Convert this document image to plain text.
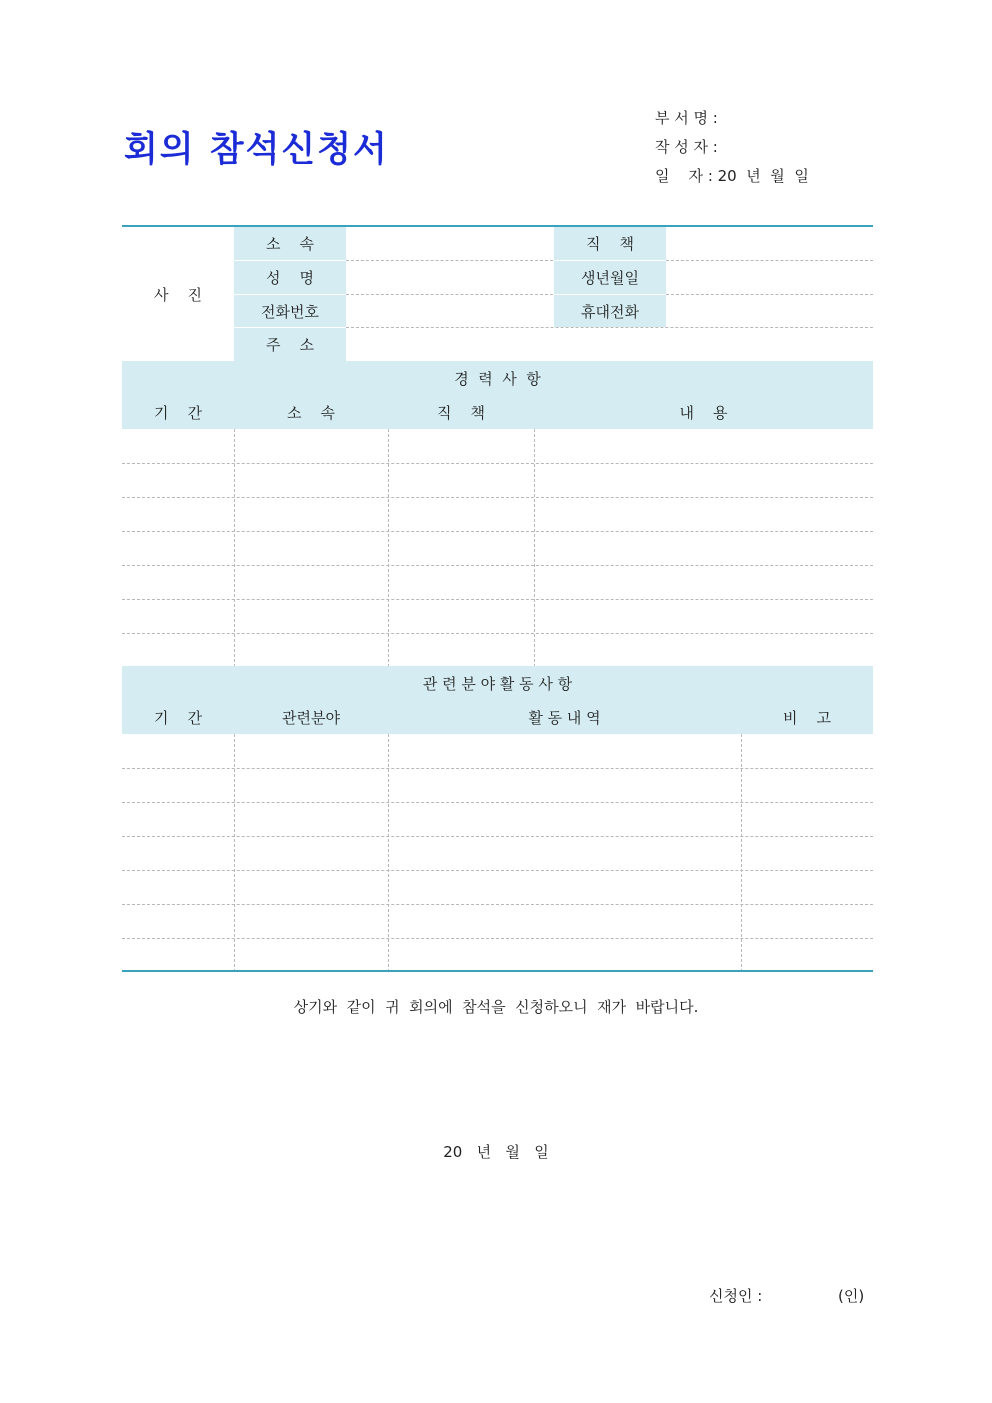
회의 참석신청서
부 서 명 :
작 성 자 :
일    자 : 20  년  월  일
사    진
소    속	직    책
성    명	생년월일
전화번호	휴대전화
주    소
경  력  사  항
기    간	소    속	직    책	내    용
관 련 분 야 활 동 사 항
기    간	관련분야	활 동 내 역	비    고
상기와  같이  귀  회의에  참석을  신청하오니  재가  바랍니다.
20   년   월   일
신청인 :	(인)
